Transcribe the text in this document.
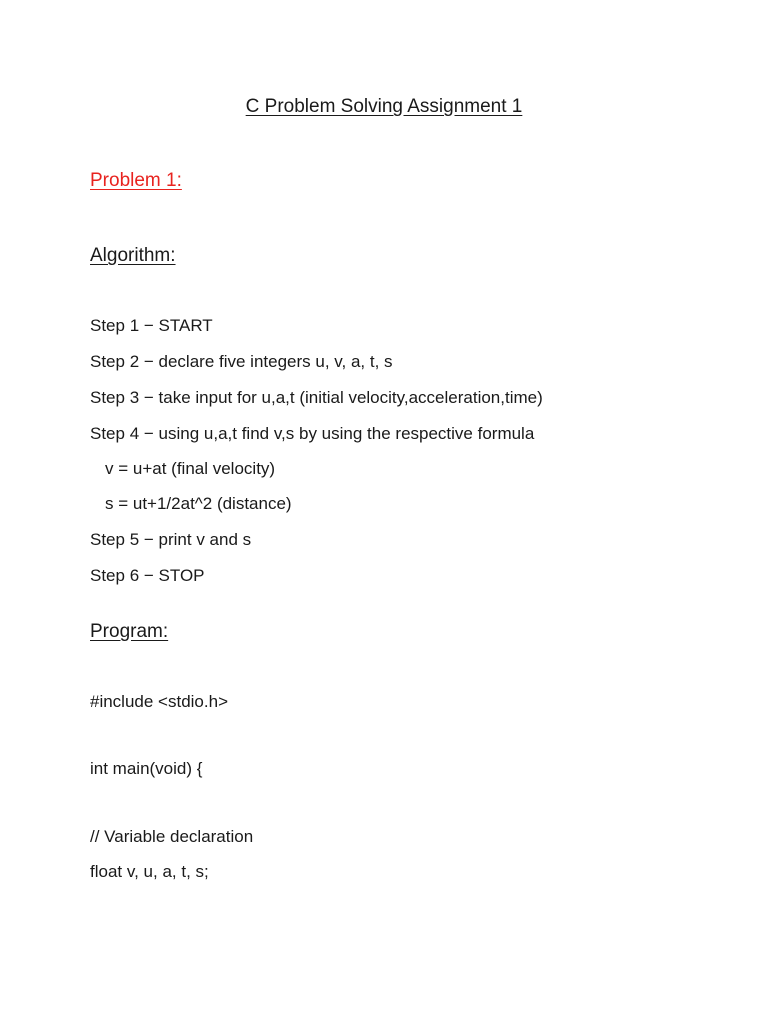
C Problem Solving Assignment 1
Problem 1:
Algorithm:
Step 1 − START
Step 2 − declare five integers u, v, a, t, s
Step 3 − take input for u,a,t (initial velocity,acceleration,time)
Step 4 − using u,a,t find v,s by using the respective formula
v = u+at (final velocity)
s = ut+1/2at^2 (distance)
Step 5 − print v and s
Step 6 − STOP
Program:
#include <stdio.h>
int main(void) {
// Variable declaration
float v, u, a, t, s;
